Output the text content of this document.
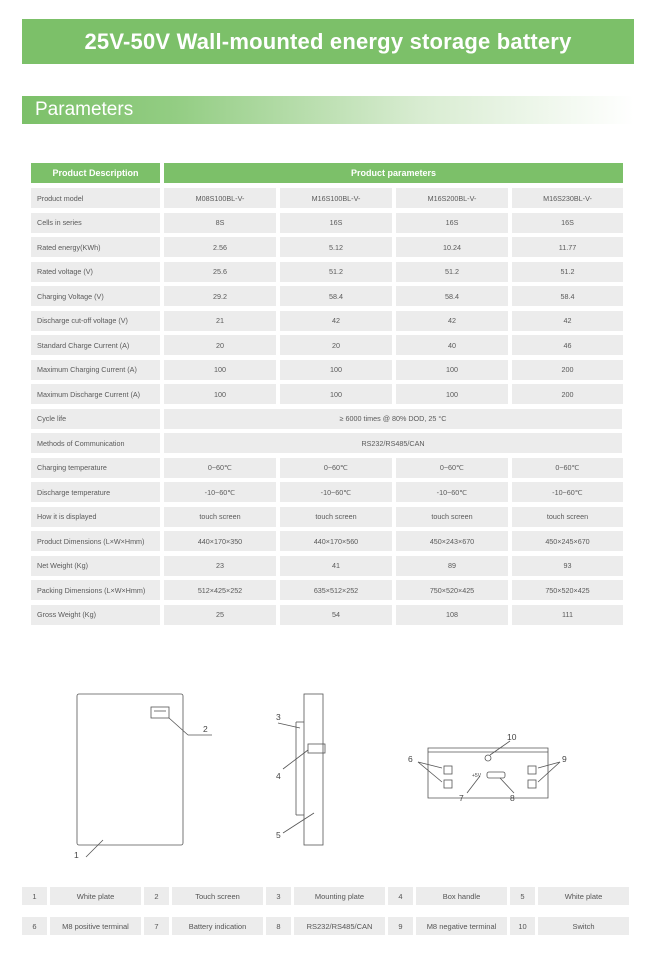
25V-50V Wall-mounted energy storage battery
Parameters
Product Description	Product parameters
Product model	M08S100BL-V-	M16S100BL-V-	M16S200BL-V-	M16S230BL-V-
Cells in series	8S	16S	16S	16S
Rated energy(KWh)	2.56	5.12	10.24	11.77
Rated voltage (V)	25.6	51.2	51.2	51.2
Charging Voltage (V)	29.2	58.4	58.4	58.4
Discharge cut-off voltage (V)	21	42	42	42
Standard Charge Current (A)	20	20	40	46
Maximum Charging Current (A)	100	100	100	200
Maximum Discharge Current (A)	100	100	100	200
Cycle life	≥ 6000 times @ 80% DOD, 25 °C
Methods of Communication	RS232/RS485/CAN
Charging temperature	0~60℃	0~60℃	0~60℃	0~60℃
Discharge temperature	-10~60℃	-10~60℃	-10~60℃	-10~60℃
How it is displayed	touch screen	touch screen	touch screen	touch screen
Product Dimensions (L×W×Hmm)	440×170×350	440×170×560	450×243×670	450×245×670
Net Weight (Kg)	23	41	89	93
Packing Dimensions (L×W×Hmm)	512×425×252	635×512×252	750×520×425	750×520×425
Gross Weight (Kg)	25	54	108	111
1
2
3
4
5
6
7	8
9
10
+5V
1	White plate	2	Touch screen	3	Mounting plate	4	Box handle	5	White plate
6	M8 positive terminal	7	Battery indication	8	RS232/RS485/CAN	9	M8 negative terminal	10	Switch
